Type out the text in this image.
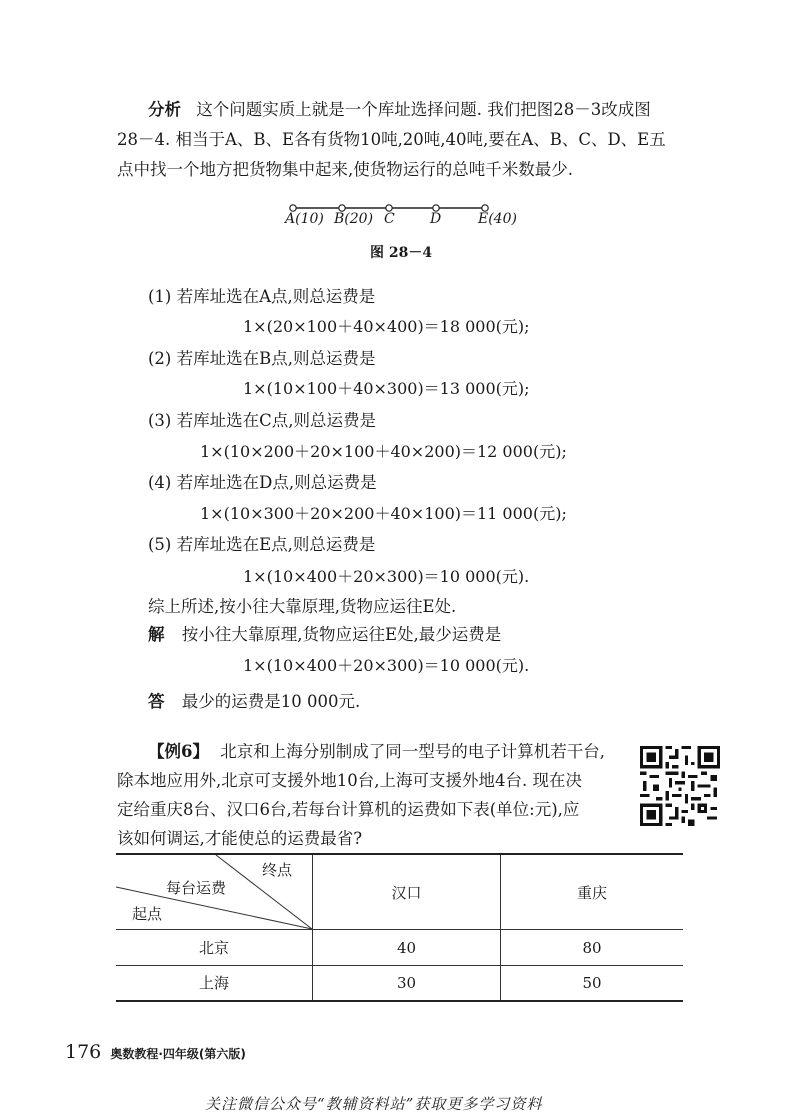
分析 这个问题实质上就是一个库址选择问题. 我们把图28－3改成图
28－4. 相当于A、B、E各有货物10吨,20吨,40吨,要在A、B、C、D、E五
点中找一个地方把货物集中起来,使货物运行的总吨千米数最少.
A(10) B(20) C	D	E(40)
图 28－4
(1) 若库址选在A点,则总运费是
1×(20×100＋40×400)＝18 000(元);
(2) 若库址选在B点,则总运费是
1×(10×100＋40×300)＝13 000(元);
(3) 若库址选在C点,则总运费是
1×(10×200＋20×100＋40×200)＝12 000(元);
(4) 若库址选在D点,则总运费是
1×(10×300＋20×200＋40×100)＝11 000(元);
(5) 若库址选在E点,则总运费是
1×(10×400＋20×300)＝10 000(元).
综上所述,按小往大靠原理,货物应运往E处.
解 按小往大靠原理,货物应运往E处,最少运费是
1×(10×400＋20×300)＝10 000(元).
答 最少的运费是10 000元.
【例6】 北京和上海分别制成了同一型号的电子计算机若干台,
除本地应用外,北京可支援外地10台,上海可支援外地4台. 现在决
定给重庆8台、汉口6台,若每台计算机的运费如下表(单位:元),应
该如何调运,才能使总的运费最省?
终点
每台运费
起点	汉口	重庆
北京	40	80
上海	30	50
176 奥数教程·四年级(第六版)
关注微信公众号“教辅资料站”获取更多学习资料
